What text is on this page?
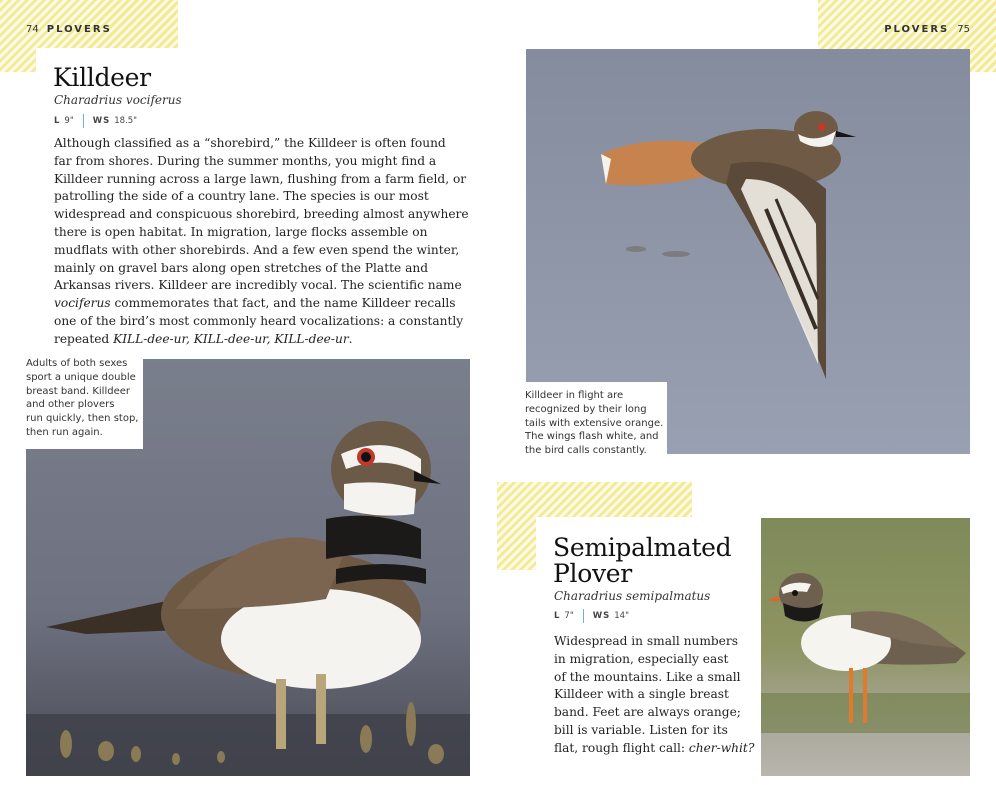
74 PLOVERS	PLOVERS 75
Killdeer
Charadrius vociferus
L 9" WS 18.5"
Although classified as a “shorebird,” the Killdeer is often found
far from shores. During the summer months, you might find a
Killdeer running across a large lawn, flushing from a farm field, or
patrolling the side of a country lane. The species is our most
widespread and conspicuous shorebird, breeding almost anywhere
there is open habitat. In migration, large flocks assemble on
mudflats with other shorebirds. And a few even spend the winter,
mainly on gravel bars along open stretches of the Platte and
Arkansas rivers. Killdeer are incredibly vocal. The scientific name
vociferus commemorates that fact, and the name Killdeer recalls
one of the bird’s most commonly heard vocalizations: a constantly
repeated KILL-dee-ur, KILL-dee-ur, KILL-dee-ur.
Adults of both sexes
sport a unique double
breast band. Killdeer
and other plovers
run quickly, then stop,
then run again.
Killdeer in flight are
recognized by their long
tails with extensive orange.
The wings flash white, and
the bird calls constantly.
Semipalmated
Plover
Charadrius semipalmatus
L 7" WS 14"
Widespread in small numbers
in migration, especially east
of the mountains. Like a small
Killdeer with a single breast
band. Feet are always orange;
bill is variable. Listen for its
flat, rough flight call: cher-whit?
